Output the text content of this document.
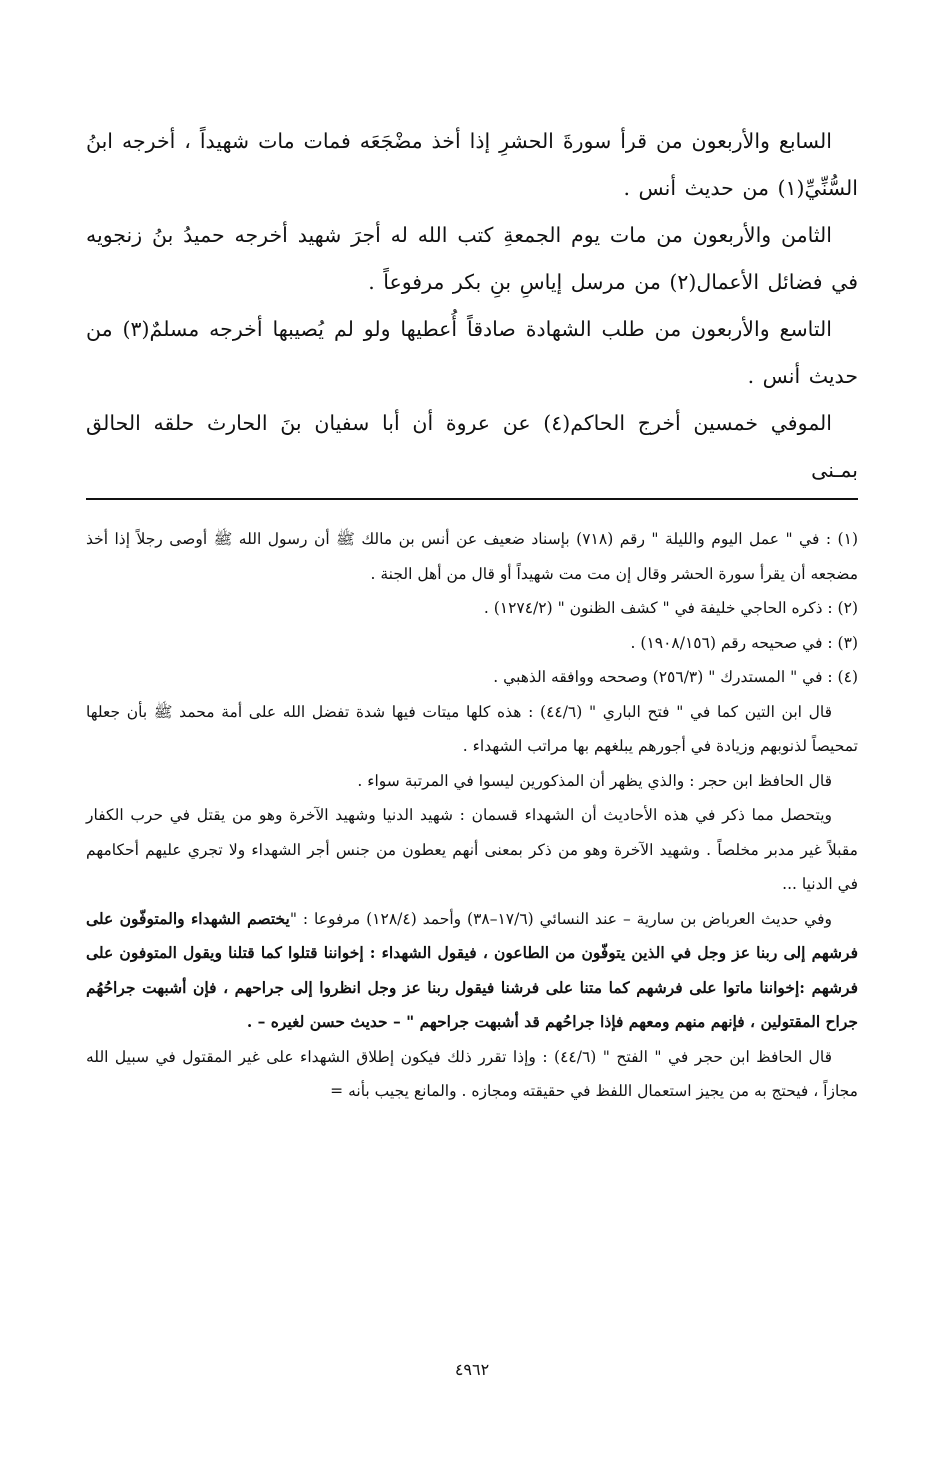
السابع والأربعون من قرأ سورةَ الحشرِ إذا أخذ مضْجَعَه فمات مات شهيداً ، أخرجه ابنُ السُّنِّيِّ(١) من حديث أنس .

الثامن والأربعون من مات يوم الجمعةِ كتب الله له أجرَ شهيد أخرجه حميدُ بنُ زنجويه في فضائل الأعمال(٢) من مرسل إياسِ بنِ بكر مرفوعاً .

التاسع والأربعون من طلب الشهادة صادقاً أُعطيها ولو لم يُصيبها أخرجه مسلمٌ(٣) من حديث أنس .

الموفي خمسين أخرج الحاكم(٤) عن عروة أن أبا سفيان بنَ الحارث حلقه الحالق بمـنى

(١) : في " عمل اليوم والليلة " رقم (٧١٨) بإسناد ضعيف عن أنس بن مالك ﷺ أن رسول الله ﷺ أوصى رجلاً إذا أخذ مضجعه أن يقرأ سورة الحشر وقال إن مت مت شهيداً أو قال من أهل الجنة .

(٢) : ذكره الحاجي خليفة في " كشف الظنون " (١٢٧٤/٢) .

(٣) : في صحيحه رقم (١٩٠٨/١٥٦) .

(٤) : في " المستدرك " (٢٥٦/٣) وصححه ووافقه الذهبي .

قال ابن التين كما في " فتح الباري " (٤٤/٦) : هذه كلها ميتات فيها شدة تفضل الله على أمة محمد ﷺ بأن جعلها تمحيصاً لذنوبهم وزيادة في أجورهم يبلغهم بها مراتب الشهداء .

قال الحافظ ابن حجر : والذي يظهر أن المذكورين ليسوا في المرتبة سواء .

ويتحصل مما ذكر في هذه الأحاديث أن الشهداء قسمان : شهيد الدنيا وشهيد الآخرة وهو من يقتل في حرب الكفار مقبلاً غير مدبر مخلصاً . وشهيد الآخرة وهو من ذكر بمعنى أنهم يعطون من جنس أجر الشهداء ولا تجري عليهم أحكامهم في الدنيا ...

وفي حديث العرباض بن سارية – عند النسائي (١٧/٦–٣٨) وأحمد (١٢٨/٤) مرفوعا : "يختصم الشهداء والمتوفّون على فرشهم إلى ربنا عز وجل في الذين يتوفّون من الطاعون ، فيقول الشهداء : إخواننا قتلوا كما قتلنا ويقول المتوفون على فرشهم :إخواننا ماتوا على فرشهم كما متنا على فرشنا فيقول ربنا عز وجل انظروا إلى جراحهم ، فإن أشبهت جراحُهُم جراح المقتولين ، فإنهم منهم ومعهم فإذا جراحُهم قد أشبهت جراحهم " – حديث حسن لغيره – .

قال الحافظ ابن حجر في " الفتح " (٤٤/٦) : وإذا تقرر ذلك فيكون إطلاق الشهداء على غير المقتول في سبيل الله مجازاً ، فيحتج به من يجيز استعمال اللفظ في حقيقته ومجازه . والمانع يجيب بأنه =

٤٩٦٢
